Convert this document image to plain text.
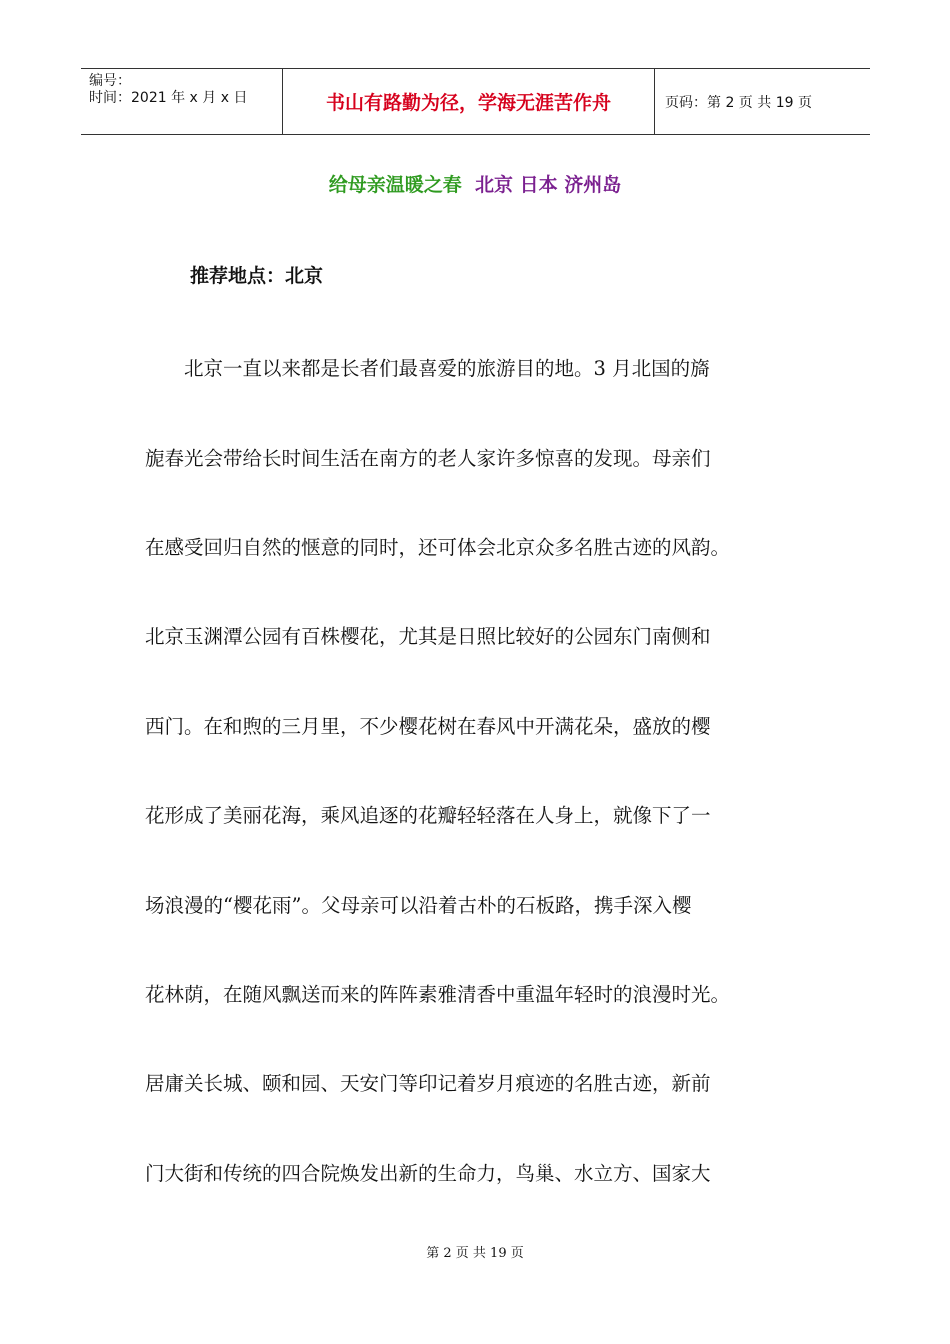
编号：
时间：2021 年 x 月 x 日	书山有路勤为径，学海无涯苦作舟	页码：第 2 页 共 19 页
给母亲温暖之春 北京 日本 济州岛
推荐地点：北京
　　北京一直以来都是长者们最喜爱的旅游目的地。3 月北国的旖
旎春光会带给长时间生活在南方的老人家许多惊喜的发现。母亲们
在感受回归自然的惬意的同时，还可体会北京众多名胜古迹的风韵。
北京玉渊潭公园有百株樱花，尤其是日照比较好的公园东门南侧和
西门。在和煦的三月里，不少樱花树在春风中开满花朵，盛放的樱
花形成了美丽花海，乘风追逐的花瓣轻轻落在人身上，就像下了一
场浪漫的“樱花雨”。父母亲可以沿着古朴的石板路，携手深入樱
花林荫，在随风飘送而来的阵阵素雅清香中重温年轻时的浪漫时光。
居庸关长城、颐和园、天安门等印记着岁月痕迹的名胜古迹，新前
门大街和传统的四合院焕发出新的生命力，鸟巢、水立方、国家大
第 2 页 共 19 页
